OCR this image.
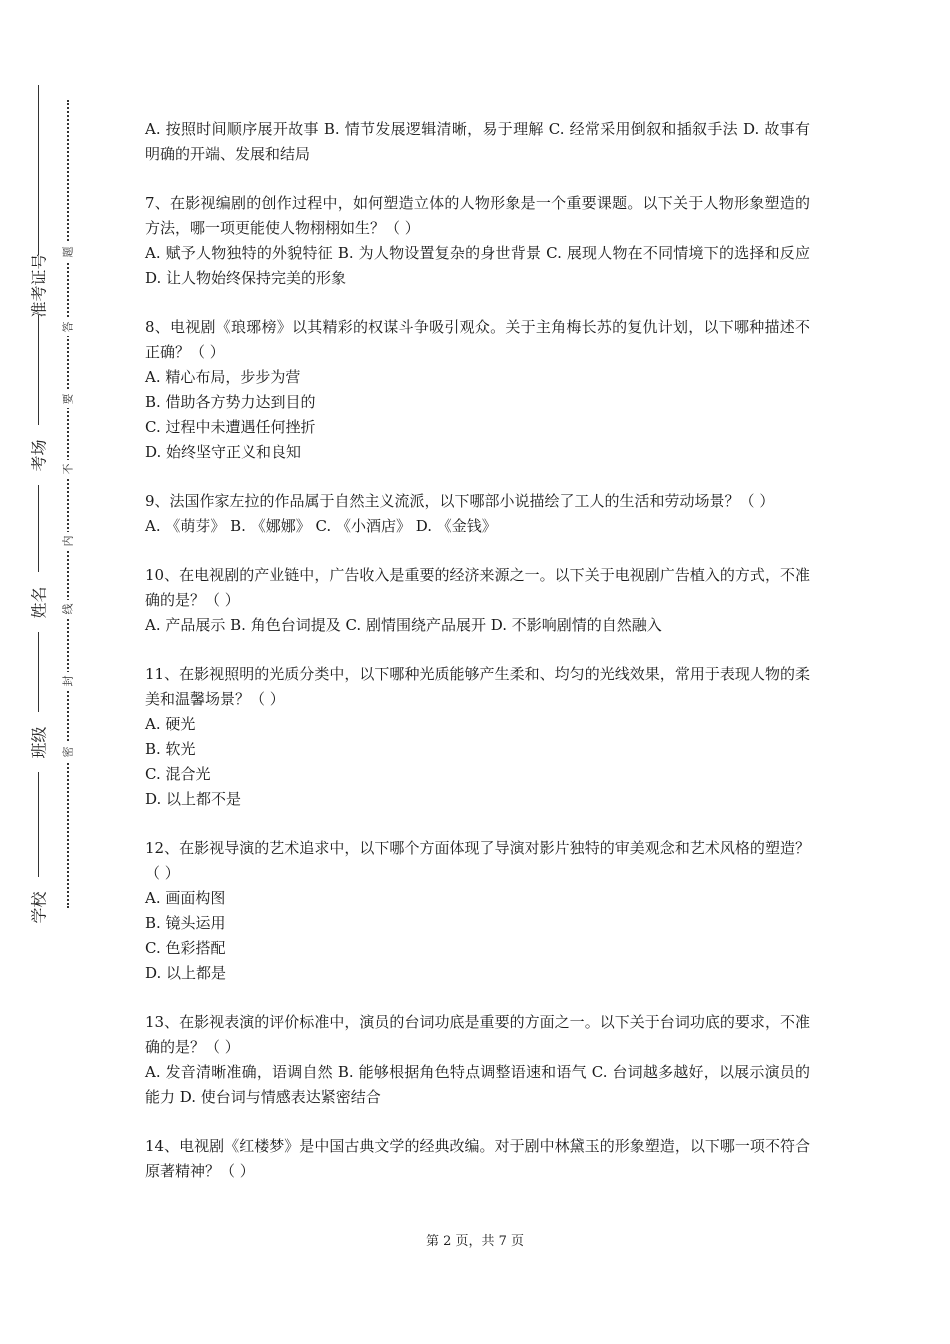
准考证号
考场
姓名
班级
学校
题
答
要
不
内
线
封
密

A. 按照时间顺序展开故事 B. 情节发展逻辑清晰，易于理解 C. 经常采用倒叙和插叙手法 D. 故事有明确的开端、发展和结局

7、在影视编剧的创作过程中，如何塑造立体的人物形象是一个重要课题。以下关于人物形象塑造的方法，哪一项更能使人物栩栩如生？（ ）

A. 赋予人物独特的外貌特征 B. 为人物设置复杂的身世背景 C. 展现人物在不同情境下的选择和反应 D. 让人物始终保持完美的形象

8、电视剧《琅琊榜》以其精彩的权谋斗争吸引观众。关于主角梅长苏的复仇计划，以下哪种描述不正确？（ ）

A. 精心布局，步步为营

B. 借助各方势力达到目的

C. 过程中未遭遇任何挫折

D. 始终坚守正义和良知

9、法国作家左拉的作品属于自然主义流派，以下哪部小说描绘了工人的生活和劳动场景？（ ）

A. 《萌芽》 B. 《娜娜》 C. 《小酒店》 D. 《金钱》

10、在电视剧的产业链中，广告收入是重要的经济来源之一。以下关于电视剧广告植入的方式，不准确的是？（ ）

A. 产品展示 B. 角色台词提及 C. 剧情围绕产品展开 D. 不影响剧情的自然融入

11、在影视照明的光质分类中，以下哪种光质能够产生柔和、均匀的光线效果，常用于表现人物的柔美和温馨场景？（ ）

A. 硬光

B. 软光

C. 混合光

D. 以上都不是

12、在影视导演的艺术追求中，以下哪个方面体现了导演对影片独特的审美观念和艺术风格的塑造？（ ）

A. 画面构图

B. 镜头运用

C. 色彩搭配

D. 以上都是

13、在影视表演的评价标准中，演员的台词功底是重要的方面之一。以下关于台词功底的要求，不准确的是？（ ）

A. 发音清晰准确，语调自然 B. 能够根据角色特点调整语速和语气 C. 台词越多越好，以展示演员的能力 D. 使台词与情感表达紧密结合

14、电视剧《红楼梦》是中国古典文学的经典改编。对于剧中林黛玉的形象塑造，以下哪一项不符合原著精神？（ ）

第 2 页，共 7 页
